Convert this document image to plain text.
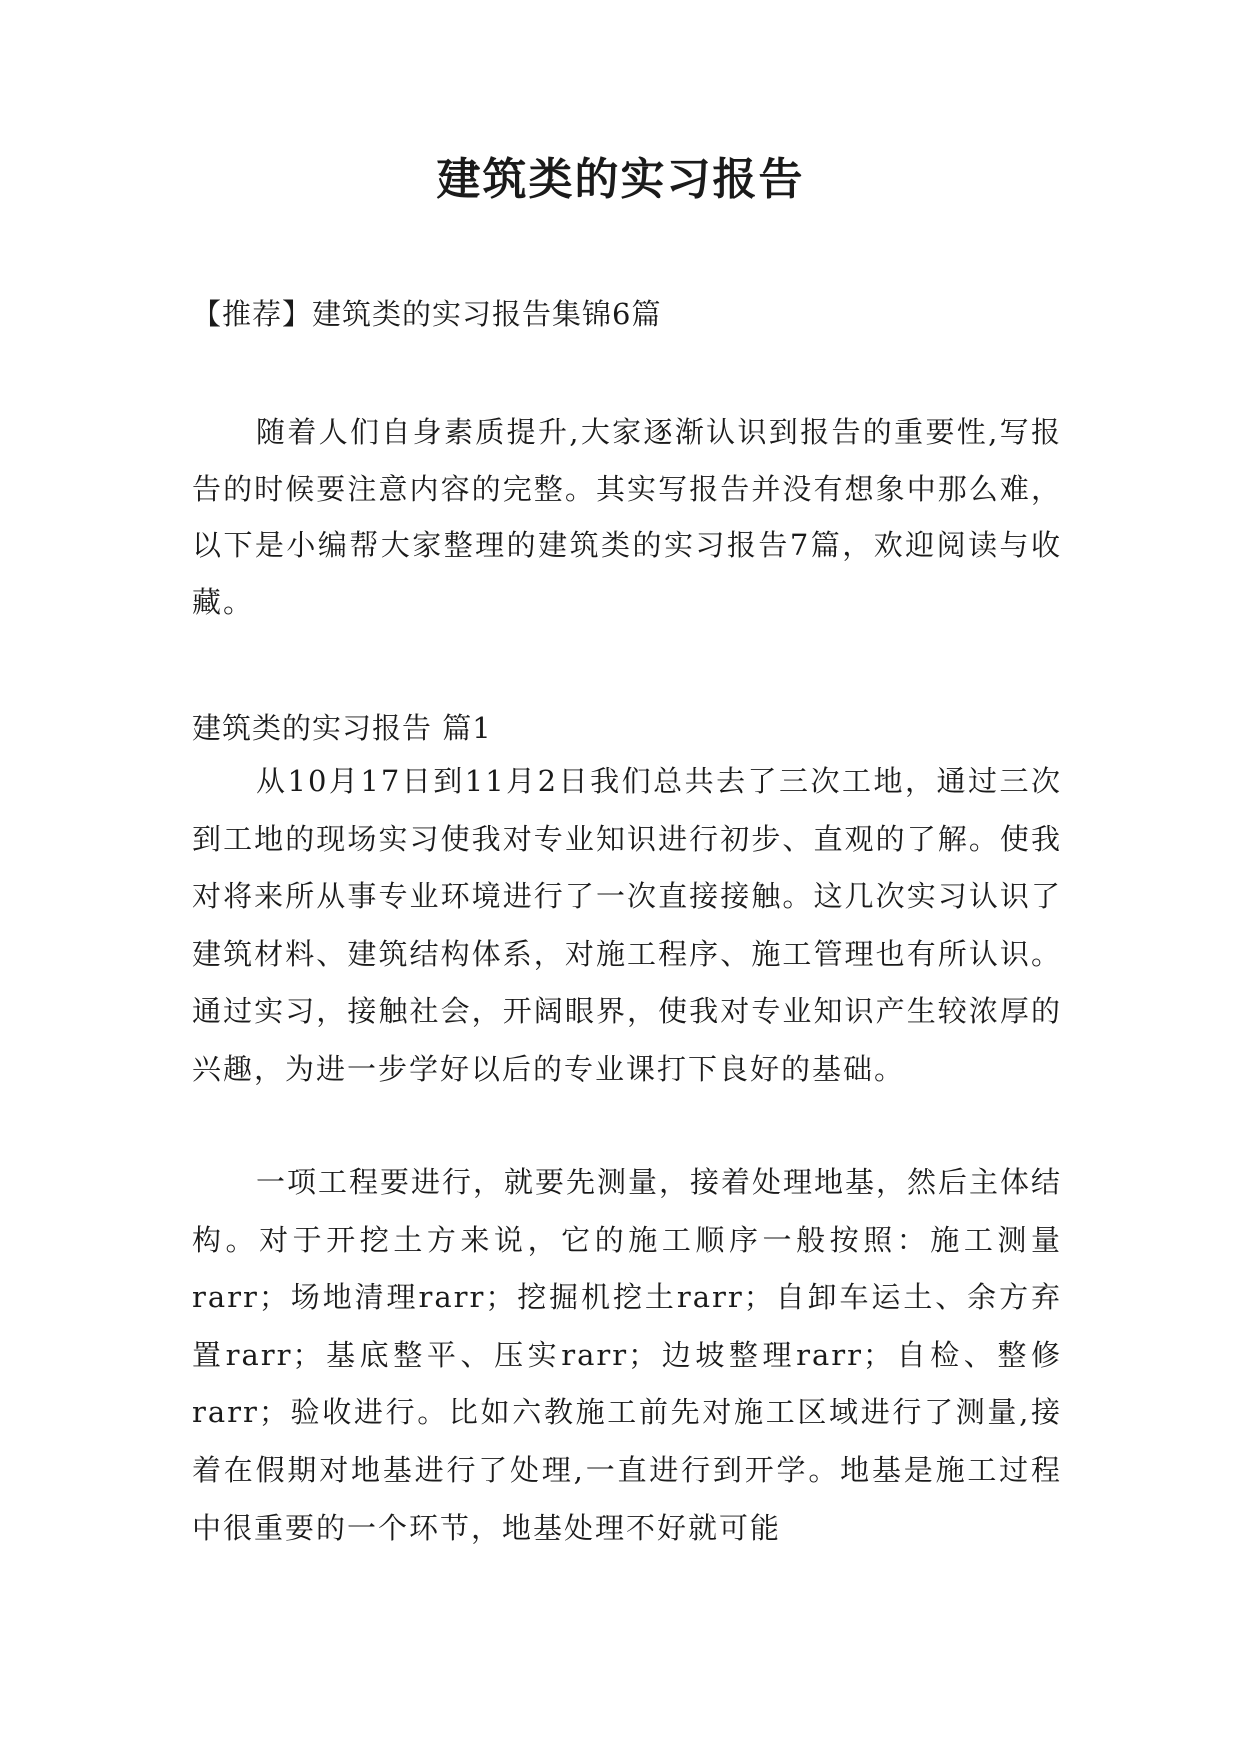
建筑类的实习报告

【推荐】建筑类的实习报告集锦6篇

随着人们自身素质提升,大家逐渐认识到报告的重要性,写报告的时候要注意内容的完整。其实写报告并没有想象中那么难，以下是小编帮大家整理的建筑类的实习报告7篇，欢迎阅读与收藏。

建筑类的实习报告 篇1

从10月17日到11月2日我们总共去了三次工地，通过三次到工地的现场实习使我对专业知识进行初步、直观的了解。使我对将来所从事专业环境进行了一次直接接触。这几次实习认识了建筑材料、建筑结构体系，对施工程序、施工管理也有所认识。通过实习，接触社会，开阔眼界，使我对专业知识产生较浓厚的兴趣，为进一步学好以后的专业课打下良好的基础。

一项工程要进行，就要先测量，接着处理地基，然后主体结构。对于开挖土方来说，它的施工顺序一般按照：施工测量rarr；场地清理rarr；挖掘机挖土rarr；自卸车运土、余方弃置rarr；基底整平、压实rarr；边坡整理rarr；自检、整修rarr；验收进行。比如六教施工前先对施工区域进行了测量,接着在假期对地基进行了处理,一直进行到开学。地基是施工过程中很重要的一个环节，地基处理不好就可能
